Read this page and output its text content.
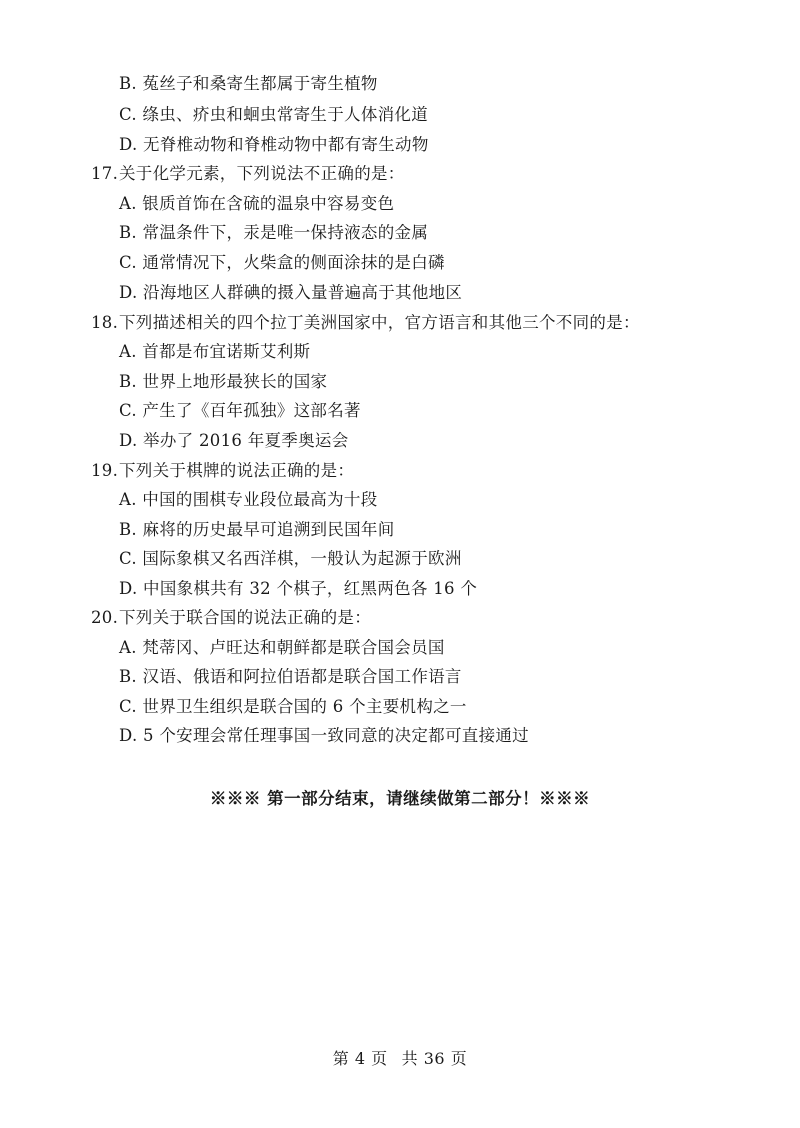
B. 菟丝子和桑寄生都属于寄生植物
C. 绦虫、疥虫和蛔虫常寄生于人体消化道
D. 无脊椎动物和脊椎动物中都有寄生动物
17.关于化学元素，下列说法不正确的是：
A. 银质首饰在含硫的温泉中容易变色
B. 常温条件下，汞是唯一保持液态的金属
C. 通常情况下，火柴盒的侧面涂抹的是白磷
D. 沿海地区人群碘的摄入量普遍高于其他地区
18.下列描述相关的四个拉丁美洲国家中，官方语言和其他三个不同的是：
A. 首都是布宜诺斯艾利斯
B. 世界上地形最狭长的国家
C. 产生了《百年孤独》这部名著
D. 举办了 2016 年夏季奥运会
19.下列关于棋牌的说法正确的是：
A. 中国的围棋专业段位最高为十段
B. 麻将的历史最早可追溯到民国年间
C. 国际象棋又名西洋棋，一般认为起源于欧洲
D. 中国象棋共有 32 个棋子，红黑两色各 16 个
20.下列关于联合国的说法正确的是：
A. 梵蒂冈、卢旺达和朝鲜都是联合国会员国
B. 汉语、俄语和阿拉伯语都是联合国工作语言
C. 世界卫生组织是联合国的 6 个主要机构之一
D. 5 个安理会常任理事国一致同意的决定都可直接通过
※※※ 第一部分结束，请继续做第二部分！※※※
第 4 页 共 36 页
